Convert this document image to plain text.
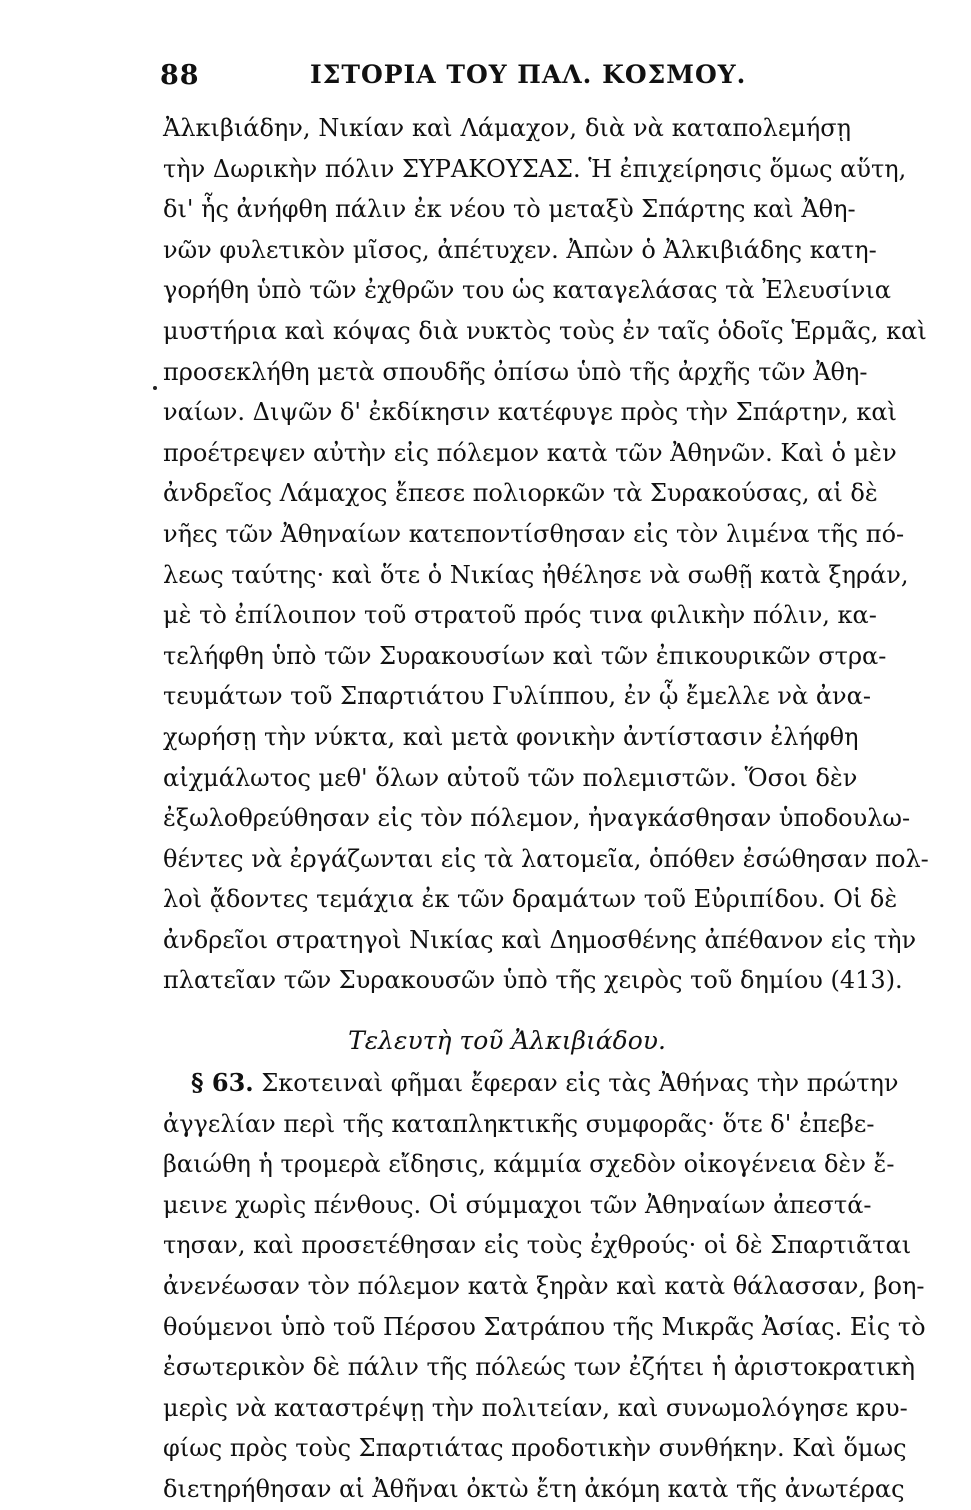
88	ΙΣΤΟΡΙΑ ΤΟΥ ΠΑΛ. ΚΟΣΜΟΥ.
Ἀλκιβιάδην, Νικίαν καὶ Λάμαχον, διὰ νὰ καταπολεμήσῃ
τὴν Δωρικὴν πόλιν ΣΥΡΑΚΟΥΣΑΣ. Ἡ ἐπιχείρησις ὅμως αὕτη,
δι' ἧς ἀνήφθη πάλιν ἐκ νέου τὸ μεταξὺ Σπάρτης καὶ Ἀθη-
νῶν φυλετικὸν μῖσος, ἀπέτυχεν. Ἀπὼν ὁ Ἀλκιβιάδης κατη-
γορήθη ὑπὸ τῶν ἐχθρῶν του ὡς καταγελάσας τὰ Ἐλευσίνια
μυστήρια καὶ κόψας διὰ νυκτὸς τοὺς ἐν ταῖς ὁδοῖς Ἑρμᾶς, καὶ
προσεκλήθη μετὰ σπουδῆς ὀπίσω ὑπὸ τῆς ἀρχῆς τῶν Ἀθη-
ναίων. Διψῶν δ' ἐκδίκησιν κατέφυγε πρὸς τὴν Σπάρτην, καὶ
προέτρεψεν αὐτὴν εἰς πόλεμον κατὰ τῶν Ἀθηνῶν. Καὶ ὁ μὲν
ἀνδρεῖος Λάμαχος ἔπεσε πολιορκῶν τὰ Συρακούσας, αἱ δὲ
νῆες τῶν Ἀθηναίων κατεποντίσθησαν εἰς τὸν λιμένα τῆς πό-
λεως ταύτης· καὶ ὅτε ὁ Νικίας ἠθέλησε νὰ σωθῇ κατὰ ξηράν,
μὲ τὸ ἐπίλοιπον τοῦ στρατοῦ πρός τινα φιλικὴν πόλιν, κα-
τελήφθη ὑπὸ τῶν Συρακουσίων καὶ τῶν ἐπικουρικῶν στρα-
τευμάτων τοῦ Σπαρτιάτου Γυλίππου, ἐν ᾧ ἔμελλε νὰ ἀνα-
χωρήσῃ τὴν νύκτα, καὶ μετὰ φονικὴν ἀντίστασιν ἐλήφθη
αἰχμάλωτος μεθ' ὅλων αὐτοῦ τῶν πολεμιστῶν. Ὅσοι δὲν
ἐξωλοθρεύθησαν εἰς τὸν πόλεμον, ἠναγκάσθησαν ὑποδουλω-
θέντες νὰ ἐργάζωνται εἰς τὰ λατομεῖα, ὁπόθεν ἐσώθησαν πολ-
λοὶ ᾄδοντες τεμάχια ἐκ τῶν δραμάτων τοῦ Εὐριπίδου. Οἱ δὲ
ἀνδρεῖοι στρατηγοὶ Νικίας καὶ Δημοσθένης ἀπέθανον εἰς τὴν
πλατεῖαν τῶν Συρακουσῶν ὑπὸ τῆς χειρὸς τοῦ δημίου (413).
Τελευτὴ τοῦ Ἀλκιβιάδου.
§ 63. Σκοτειναὶ φῆμαι ἔφεραν εἰς τὰς Ἀθήνας τὴν πρώτην
ἀγγελίαν περὶ τῆς καταπληκτικῆς συμφορᾶς· ὅτε δ' ἐπεβε-
βαιώθη ἡ τρομερὰ εἴδησις, κάμμία σχεδὸν οἰκογένεια δὲν ἔ-
μεινε χωρὶς πένθους. Οἱ σύμμαχοι τῶν Ἀθηναίων ἀπεστά-
τησαν, καὶ προσετέθησαν εἰς τοὺς ἐχθρούς· οἱ δὲ Σπαρτιᾶται
ἀνενέωσαν τὸν πόλεμον κατὰ ξηρὰν καὶ κατὰ θάλασσαν, βοη-
θούμενοι ὑπὸ τοῦ Πέρσου Σατράπου τῆς Μικρᾶς Ἀσίας. Εἰς τὸ
ἐσωτερικὸν δὲ πάλιν τῆς πόλεώς των ἐζήτει ἡ ἀριστοκρατικὴ
μερὶς νὰ καταστρέψῃ τὴν πολιτείαν, καὶ συνωμολόγησε κρυ-
φίως πρὸς τοὺς Σπαρτιάτας προδοτικὴν συνθήκην. Καὶ ὅμως
διετηρήθησαν αἱ Ἀθῆναι ὀκτὼ ἔτη ἀκόμη κατὰ τῆς ἀνωτέρας
